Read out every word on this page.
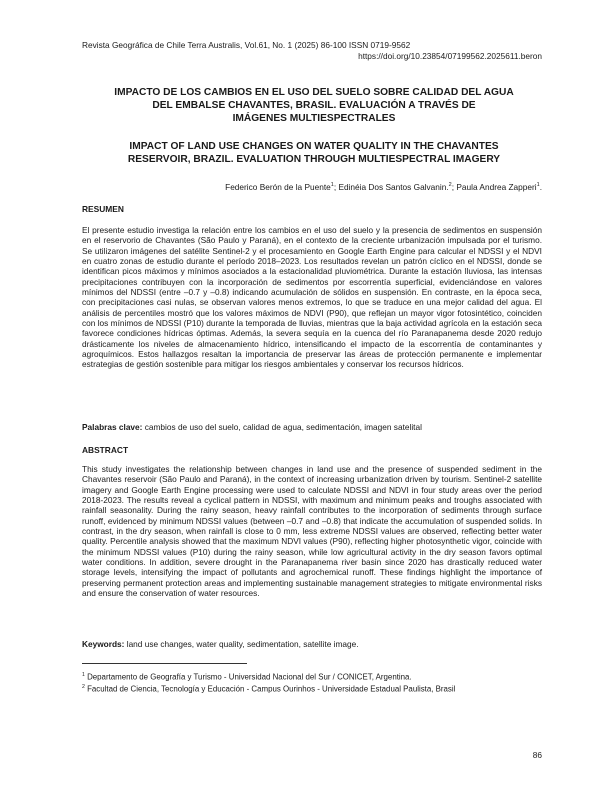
Revista Geográfica de Chile Terra Australis, Vol.61, No. 1 (2025) 86-100 ISSN 0719-9562
https://doi.org/10.23854/07199562.2025611.beron
IMPACTO DE LOS CAMBIOS EN EL USO DEL SUELO SOBRE CALIDAD DEL AGUA
DEL EMBALSE CHAVANTES, BRASIL. EVALUACIÓN A TRAVÉS DE
IMÁGENES MULTIESPECTRALES
IMPACT OF LAND USE CHANGES ON WATER QUALITY IN THE CHAVANTES
RESERVOIR, BRAZIL. EVALUATION THROUGH MULTIESPECTRAL IMAGERY
Federico Berón de la Puente$^1$; Edinéia Dos Santos Galvanin.$^2$; Paula Andrea Zapperi$^1$.
RESUMEN

El presente estudio investiga la relación entre los cambios en el uso del suelo y la presencia de sedimentos en suspensión en el reservorio de Chavantes (São Paulo y Paraná), en el contexto de la creciente urbanización impulsada por el turismo. Se utilizaron imágenes del satélite Sentinel-2 y el procesamiento en Google Earth Engine para calcular el NDSSI y el NDVI en cuatro zonas de estudio durante el período 2018–2023. Los resultados revelan un patrón cíclico en el NDSSI, donde se identifican picos máximos y mínimos asociados a la estacionalidad pluviométrica. Durante la estación lluviosa, las intensas precipitaciones contribuyen con la incorporación de sedimentos por escorrentía superficial, evidenciándose en valores mínimos del NDSSI (entre –0.7 y –0.8) indicando acumulación de sólidos en suspensión. En contraste, en la época seca, con precipitaciones casi nulas, se observan valores menos extremos, lo que se traduce en una mejor calidad del agua. El análisis de percentiles mostró que los valores máximos de NDVI (P90), que reflejan un mayor vigor fotosintético, coinciden con los mínimos de NDSSI (P10) durante la temporada de lluvias, mientras que la baja actividad agrícola en la estación seca favorece condiciones hídricas óptimas. Además, la severa sequía en la cuenca del río Paranapanema desde 2020 redujo drásticamente los niveles de almacenamiento hídrico, intensificando el impacto de la escorrentía de contaminantes y agroquímicos. Estos hallazgos resaltan la importancia de preservar las áreas de protección permanente e implementar estrategias de gestión sostenible para mitigar los riesgos ambientales y conservar los recursos hídricos.

Palabras clave: cambios de uso del suelo, calidad de agua, sedimentación, imagen satelital

ABSTRACT

This study investigates the relationship between changes in land use and the presence of suspended sediment in the Chavantes reservoir (São Paulo and Paraná), in the context of increasing urbanization driven by tourism. Sentinel-2 satellite imagery and Google Earth Engine processing were used to calculate NDSSI and NDVI in four study areas over the period 2018-2023. The results reveal a cyclical pattern in NDSSI, with maximum and minimum peaks and troughs associated with rainfall seasonality. During the rainy season, heavy rainfall contributes to the incorporation of sediments through surface runoff, evidenced by minimum NDSSI values (between –0.7 and –0.8) that indicate the accumulation of suspended solids. In contrast, in the dry season, when rainfall is close to 0 mm, less extreme NDSSI values are observed, reflecting better water quality. Percentile analysis showed that the maximum NDVI values (P90), reflecting higher photosynthetic vigor, coincide with the minimum NDSSI values (P10) during the rainy season, while low agricultural activity in the dry season favors optimal water conditions. In addition, severe drought in the Paranapanema river basin since 2020 has drastically reduced water storage levels, intensifying the impact of pollutants and agrochemical runoff. These findings highlight the importance of preserving permanent protection areas and implementing sustainable management strategies to mitigate environmental risks and ensure the conservation of water resources.

Keywords: land use changes, water quality, sedimentation, satellite image.

$^1$ Departamento de Geografía y Turismo - Universidad Nacional del Sur / CONICET, Argentina.
$^2$ Facultad de Ciencia, Tecnología y Educación - Campus Ourinhos - Universidade Estadual Paulista, Brasil
86
